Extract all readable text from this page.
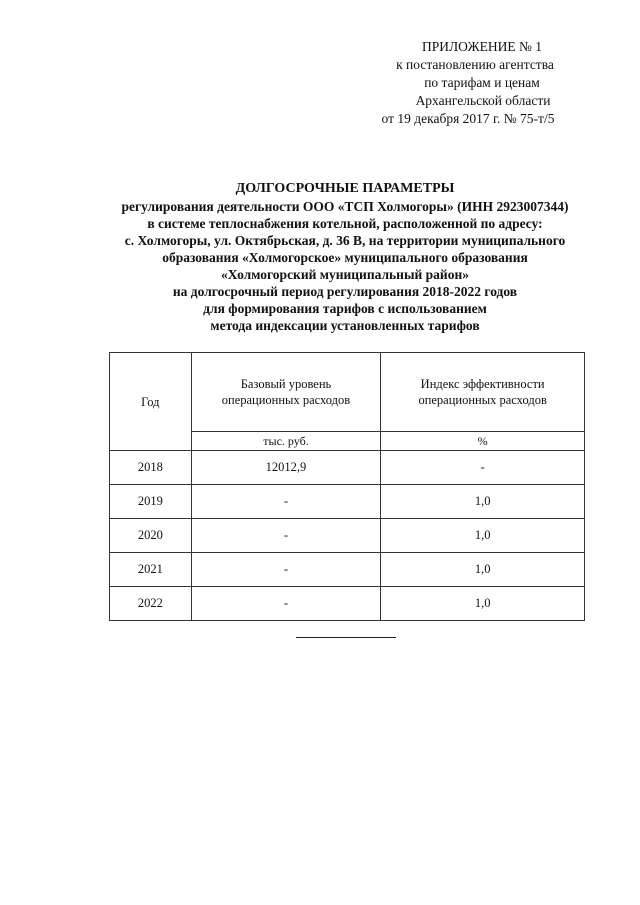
ПРИЛОЖЕНИЕ № 1
к постановлению агентства
по тарифам и ценам
Архангельской области
от 19 декабря 2017 г. № 75-т/5
ДОЛГОСРОЧНЫЕ ПАРАМЕТРЫ
регулирования деятельности ООО «ТСП Холмогоры» (ИНН 2923007344)
в системе теплоснабжения котельной, расположенной по адресу:
с. Холмогоры, ул. Октябрьская, д. 36 В, на территории муниципального
образования «Холмогорское» муниципального образования
«Холмогорский муниципальный район»
на долгосрочный период регулирования 2018-2022 годов
для формирования тарифов с использованием
метода индексации установленных тарифов
Год	Базовый уровень операционных расходов	Индекс эффективности операционных расходов
	тыс. руб.	%
2018	12012,9	-
2019	-	1,0
2020	-	1,0
2021	-	1,0
2022	-	1,0
